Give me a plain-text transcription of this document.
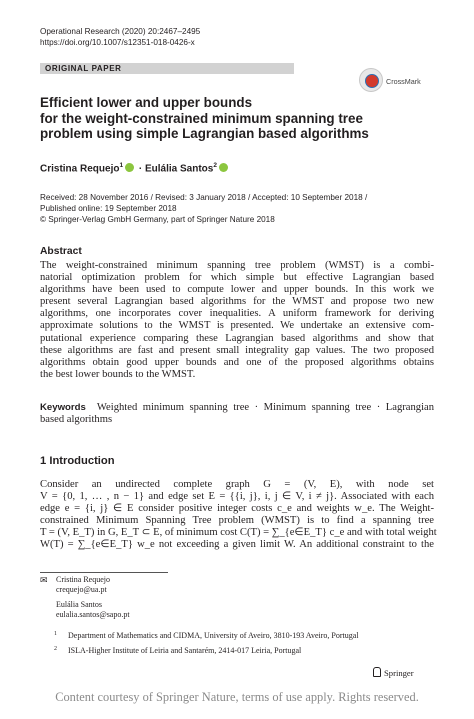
Operational Research (2020) 20:2467–2495
https://doi.org/10.1007/s12351-018-0426-x
ORIGINAL PAPER
CrossMark
Efficient lower and upper bounds
for the weight-constrained minimum spanning tree
problem using simple Lagrangian based algorithms
Cristina Requejo$^1$ · Eulália Santos$^2$
Received: 28 November 2016 / Revised: 3 January 2018 / Accepted: 10 September 2018 /
Published online: 19 September 2018
© Springer-Verlag GmbH Germany, part of Springer Nature 2018
Abstract
The weight-constrained minimum spanning tree problem (WMST) is a combi-
natorial optimization problem for which simple but effective Lagrangian based
algorithms have been used to compute lower and upper bounds. In this work we
present several Lagrangian based algorithms for the WMST and propose two new
algorithms, one incorporates cover inequalities. A uniform framework for deriving
approximate solutions to the WMST is presented. We undertake an extensive com-
putational experience comparing these Lagrangian based algorithms and show that
these algorithms are fast and present small integrality gap values. The two proposed
algorithms obtain good upper bounds and one of the proposed algorithms obtains
the best lower bounds to the WMST.
Keywords Weighted minimum spanning tree · Minimum spanning tree · Lagrangian
based algorithms
1 Introduction
Consider an undirected complete graph G = (V, E), with node set
V = {0, 1, … , n − 1} and edge set E = {{i, j}, i, j ∈ V, i ≠ j}. Associated with each
edge e = {i, j} ∈ E consider positive integer costs c_e and weights w_e. The Weight-
constrained Minimum Spanning Tree problem (WMST) is to find a spanning tree
T = (V, E_T) in G, E_T ⊂ E, of minimum cost C(T) = ∑_{e∈E_T} c_e and with total weight
W(T) = ∑_{e∈E_T} w_e not exceeding a given limit W. An additional constraint to the
✉ Cristina Requejo
crequejo@ua.pt
Eulália Santos
eulalia.santos@sapo.pt
1 Department of Mathematics and CIDMA, University of Aveiro, 3810-193 Aveiro, Portugal
2 ISLA-Higher Institute of Leiria and Santarém, 2414-017 Leiria, Portugal
Springer
Content courtesy of Springer Nature, terms of use apply. Rights reserved.
